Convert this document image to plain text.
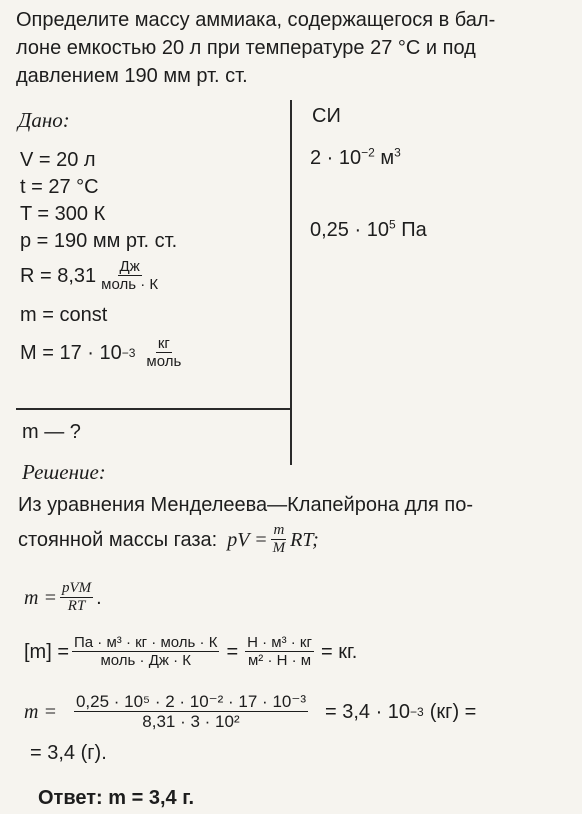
Определите массу аммиака, содержащегося в бал-
лоне емкостью 20 л при температуре 27 °С и под
давлением 190 мм рт. ст.
Дано:
V = 20 л
t = 27 °С
T = 300 К
p = 190 мм рт. ст.
$R = 8,31 \frac{Дж}{\text{моль · К}}$
m = const
$M = 17 \cdot 10 -3 \frac{кг}{\text{моль}}$
m — ?
СИ
$2 \cdot 10^{-2}$ $м^3$
$0,25 \cdot 10^5$ Па
Решение:
Из уравнения Менделеева—Клапейрона для по-
стоянной массы газа: pV = $\frac{m}{M}$ RT;
$m = \frac{\text{pVM}}{RT}$ .
$[m] = \frac{\text{Па · м³ · кг · моль · К}}{\text{моль · Дж · К}} = \frac{\text{Н · м³ · кг}}{\text{м² · Н · м}}$ = кг.
$m = \frac{\text{0,25 · 10⁵ · 2 · 10⁻² · 17 · 10⁻³}}{\text{8,31 · 3 · 10²}} = 3,4 \cdot 10 -3$ (кг) =
= 3,4 (г).
Ответ: m = 3,4 г.
